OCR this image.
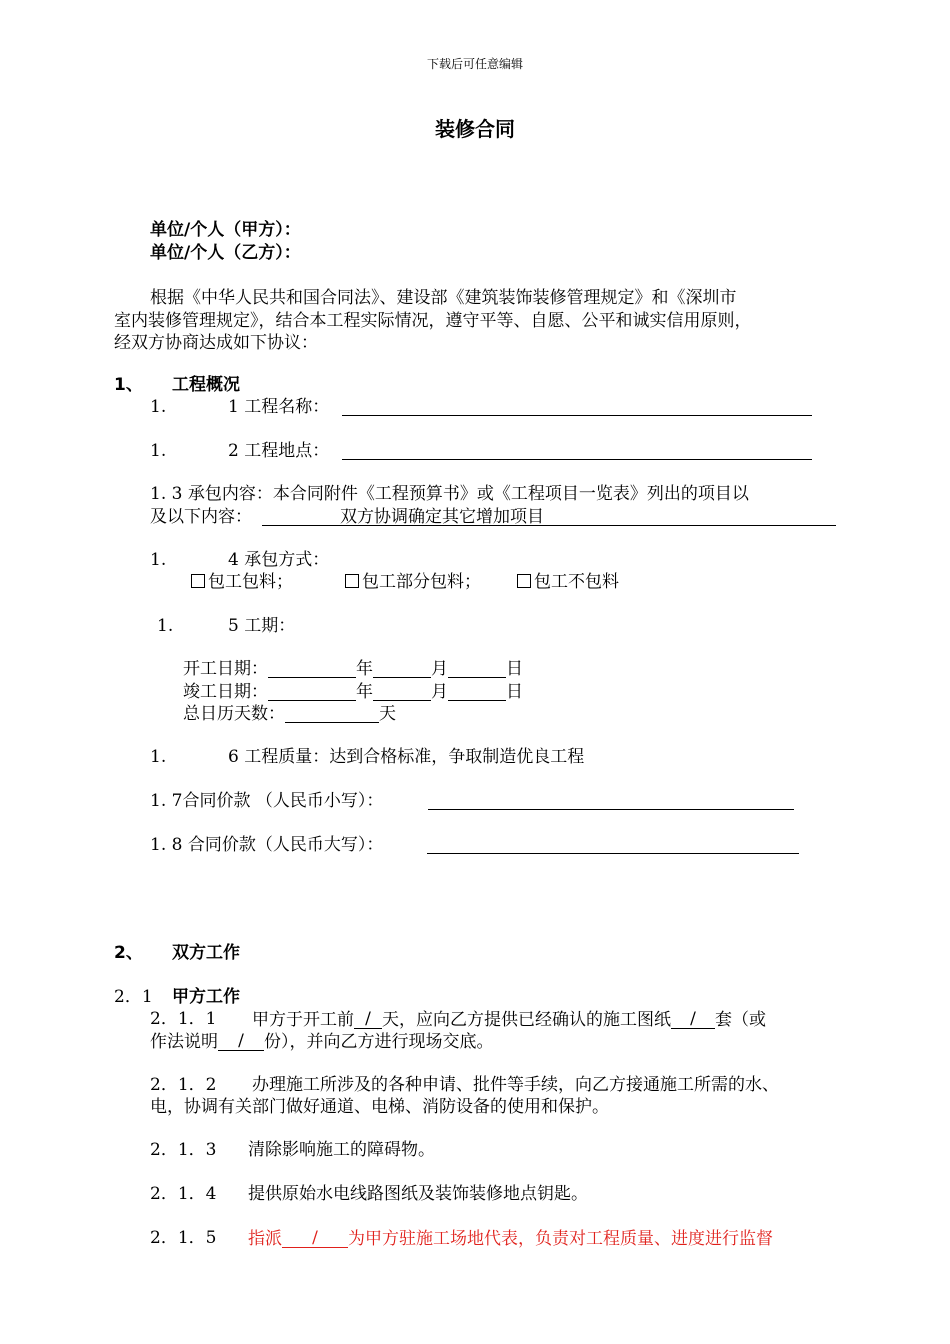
下载后可任意编辑
装修合同
单位/个人（甲方）：
单位/个人（乙方）：
根据《中华人民共和国合同法》、建设部《建筑装饰装修管理规定》和《深圳市
室内装修管理规定》，结合本工程实际情况，遵守平等、自愿、公平和诚实信用原则，
经双方协商达成如下协议：
1、 工程概况
1.	1 工程名称：
1.	2 工程地点：
1. 3 承包内容：本合同附件《工程预算书》或《工程项目一览表》列出的项目以
及以下内容：	双方协调确定其它增加项目
1.	4 承包方式：
包工包料；	包工部分包料；	包工不包料
1.	5 工期：
开工日期：	年	月	日
竣工日期：	年	月	日
总日历天数：	天
1.	6 工程质量：达到合格标准，争取制造优良工程
1. 7合同价款 （人民币小写）：
1. 8 合同价款（人民币大写）：
2、 双方工作
2．1 甲方工作
2．1．1 甲方于开工前 / 天，应向乙方提供已经确认的施工图纸 / 套（或
作法说明 / 份），并向乙方进行现场交底。
2．1．2 办理施工所涉及的各种申请、批件等手续，向乙方接通施工所需的水、
电，协调有关部门做好通道、电梯、消防设备的使用和保护。
2．1．3 清除影响施工的障碍物。
2．1．4 提供原始水电线路图纸及装饰装修地点钥匙。
2．1．5 指派 / 为甲方驻施工场地代表，负责对工程质量、进度进行监督
